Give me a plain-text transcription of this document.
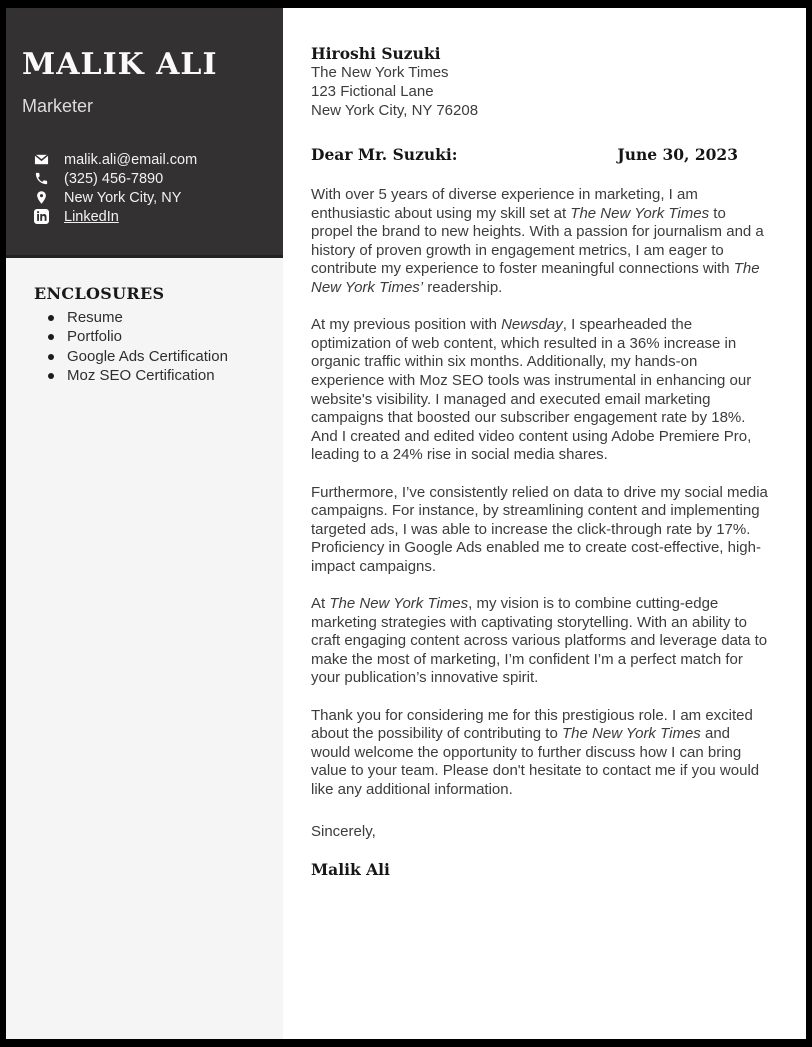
MALIK ALI
Marketer
malik.ali@email.com
(325) 456-7890
New York City, NY
LinkedIn
ENCLOSURES
Resume
Portfolio
Google Ads Certification
Moz SEO Certification
Hiroshi Suzuki
The New York Times
123 Fictional Lane
New York City, NY 76208
Dear Mr. Suzuki:	June 30, 2023

With over 5 years of diverse experience in marketing, I am enthusiastic about using my skill set at The New York Times to propel the brand to new heights. With a passion for journalism and a history of proven growth in engagement metrics, I am eager to contribute my experience to foster meaningful connections with The New York Times’ readership.

At my previous position with Newsday, I spearheaded the optimization of web content, which resulted in a 36% increase in organic traffic within six months. Additionally, my hands-on experience with Moz SEO tools was instrumental in enhancing our website's visibility. I managed and executed email marketing campaigns that boosted our subscriber engagement rate by 18%. And I created and edited video content using Adobe Premiere Pro, leading to a 24% rise in social media shares.

Furthermore, I’ve consistently relied on data to drive my social media campaigns. For instance, by streamlining content and implementing targeted ads, I was able to increase the click-through rate by 17%. Proficiency in Google Ads enabled me to create cost-effective, high-impact campaigns.

At The New York Times, my vision is to combine cutting-edge marketing strategies with captivating storytelling. With an ability to craft engaging content across various platforms and leverage data to make the most of marketing, I’m confident I’m a perfect match for your publication’s innovative spirit.

Thank you for considering me for this prestigious role. I am excited about the possibility of contributing to The New York Times and would welcome the opportunity to further discuss how I can bring value to your team. Please don't hesitate to contact me if you would like any additional information.

Sincerely,
Malik Ali
